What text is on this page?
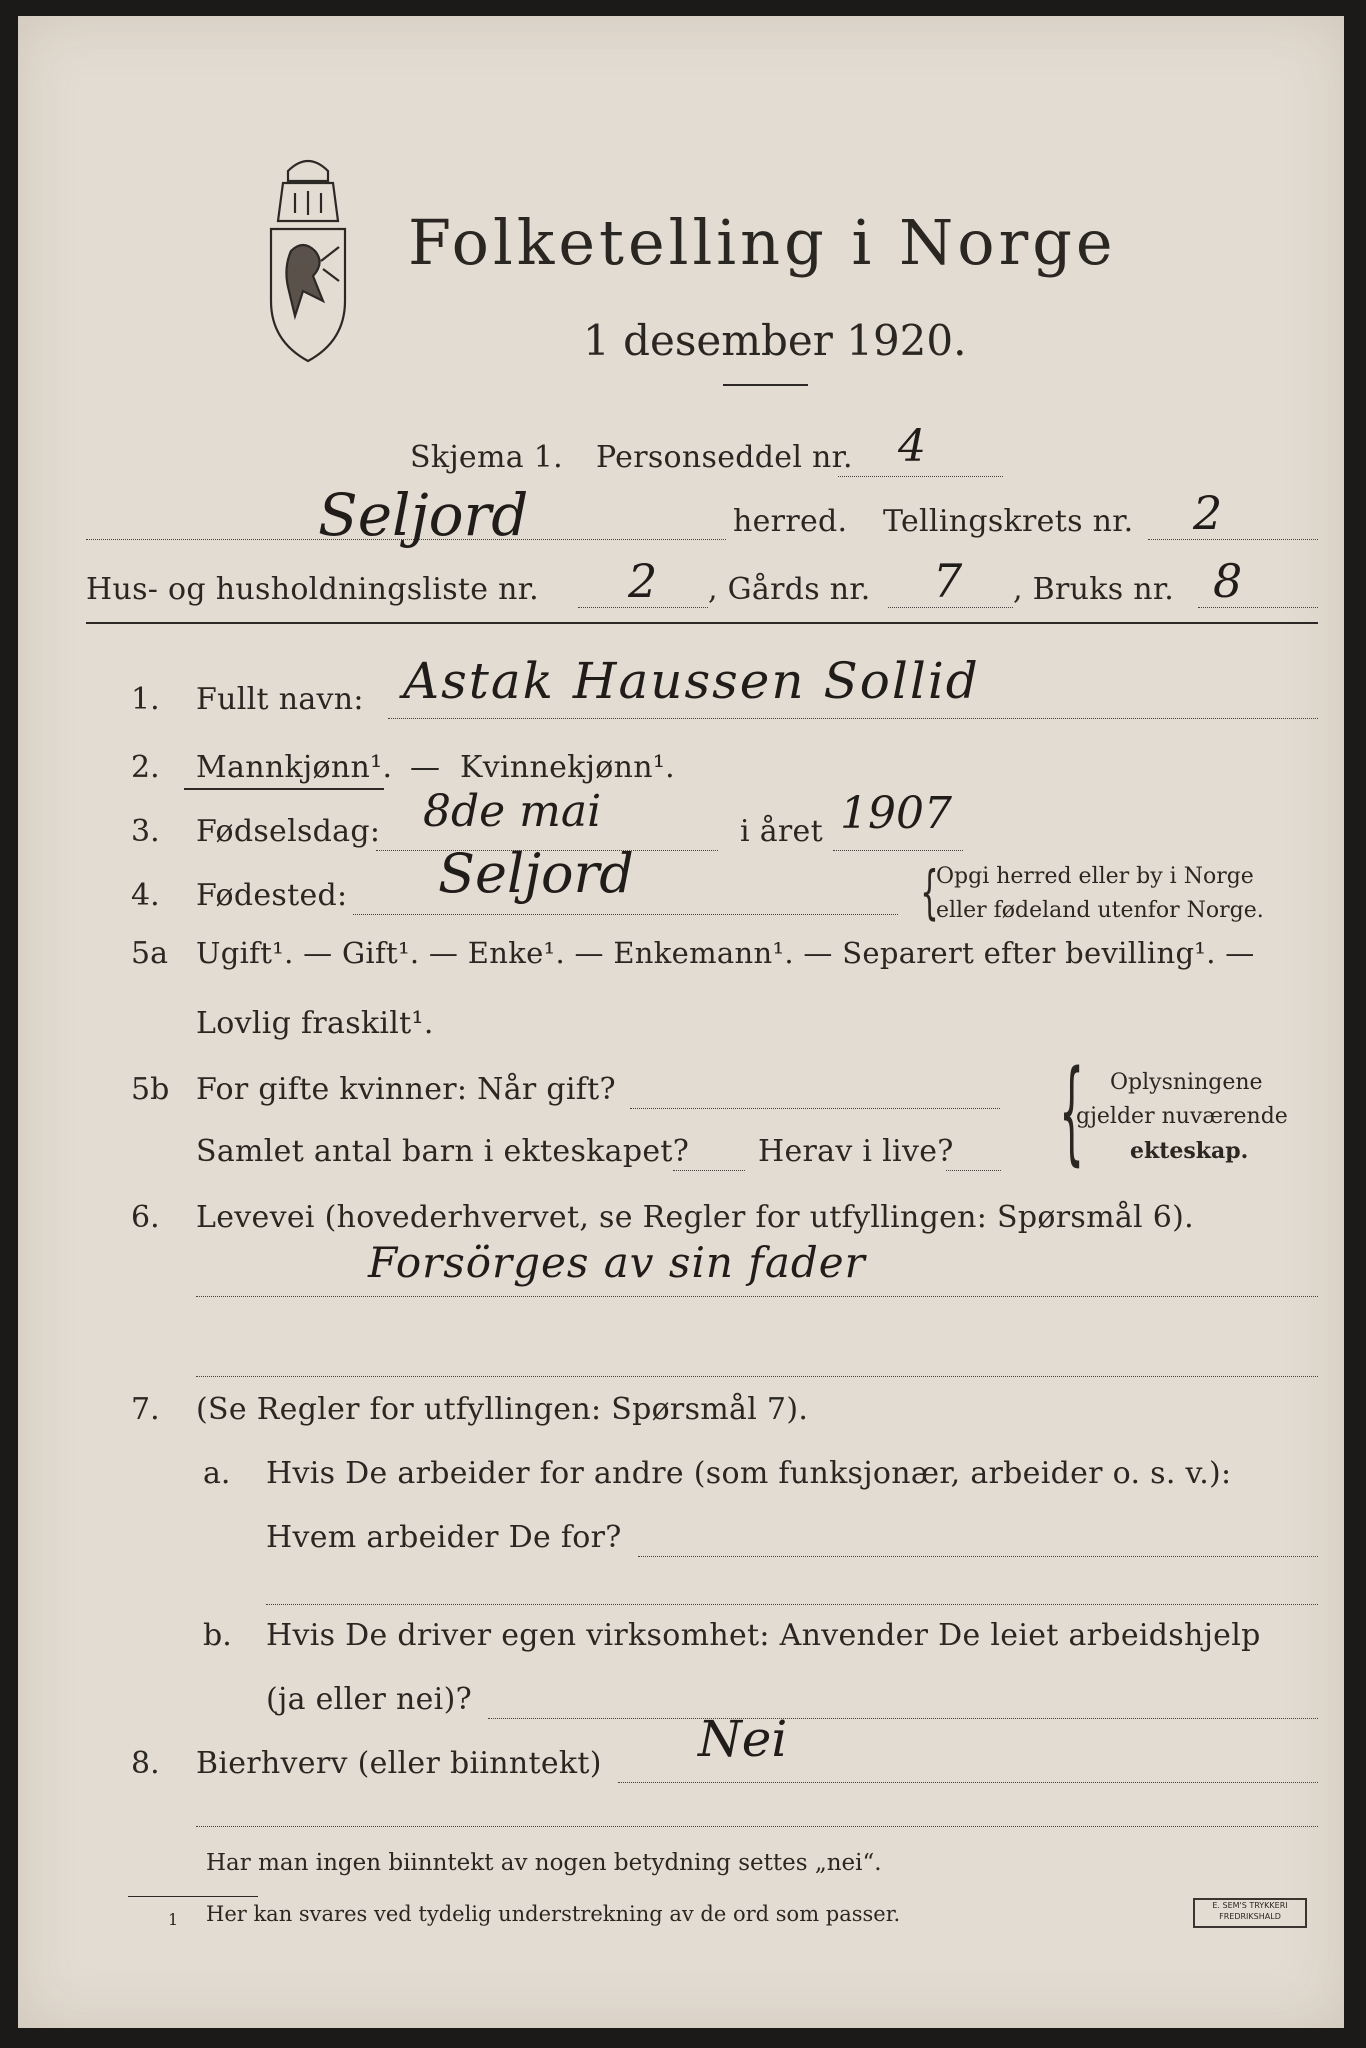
Folketelling i Norge
1 desember 1920.
Skjema 1. Personseddel nr. 4
Seljord	herred. Tellingskrets nr. 2
Hus- og husholdningsliste nr. 2 , Gårds nr. 7 , Bruks nr. 8
1. Fullt navn: Astak Haussen Sollid
2. Mannkjønn¹. — Kvinnekjønn¹.
3. Fødselsdag: 8de mai	i året 1907
4. Fødested: Seljord	{
Opgi herred eller by i Norge
eller fødeland utenfor Norge.
5a Ugift¹. — Gift¹. — Enke¹. — Enkemann¹. — Separert efter bevilling¹. —
Lovlig fraskilt¹.
5b For gifte kvinner: Når gift?
Samlet antal barn i ekteskapet? Herav i live? { Oplysningene
gjelder nuværende
ekteskap.
6. Levevei (hovederhvervet, se Regler for utfyllingen: Spørsmål 6).
Forsörges av sin fader
7. (Se Regler for utfyllingen: Spørsmål 7).
a. Hvis De arbeider for andre (som funksjonær, arbeider o. s. v.):
Hvem arbeider De for?
b. Hvis De driver egen virksomhet: Anvender De leiet arbeidshjelp
(ja eller nei)?
8. Bierhverv (eller biinntekt) Nei
Har man ingen biinntekt av nogen betydning settes „nei“.
1 Her kan svares ved tydelig understrekning av de ord som passer.	E. SEM'S TRYKKERI
FREDRIKSHALD
